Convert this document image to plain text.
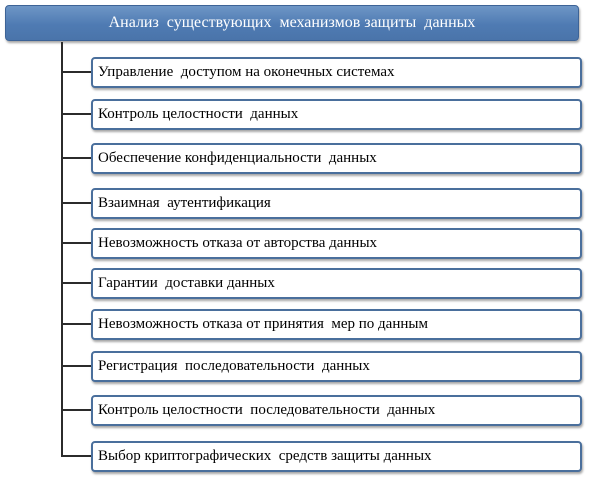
Анализ  существующих  механизмов защиты  данных
Управление  доступом на оконечных системах
Контроль целостности  данных
Обеспечение конфиденциальности  данных
Взаимная  аутентификация
Невозможность отказа от авторства данных
Гарантии  доставки данных
Невозможность отказа от принятия  мер по данным
Регистрация  последовательности  данных
Контроль целостности  последовательности  данных
Выбор криптографических  средств защиты данных
